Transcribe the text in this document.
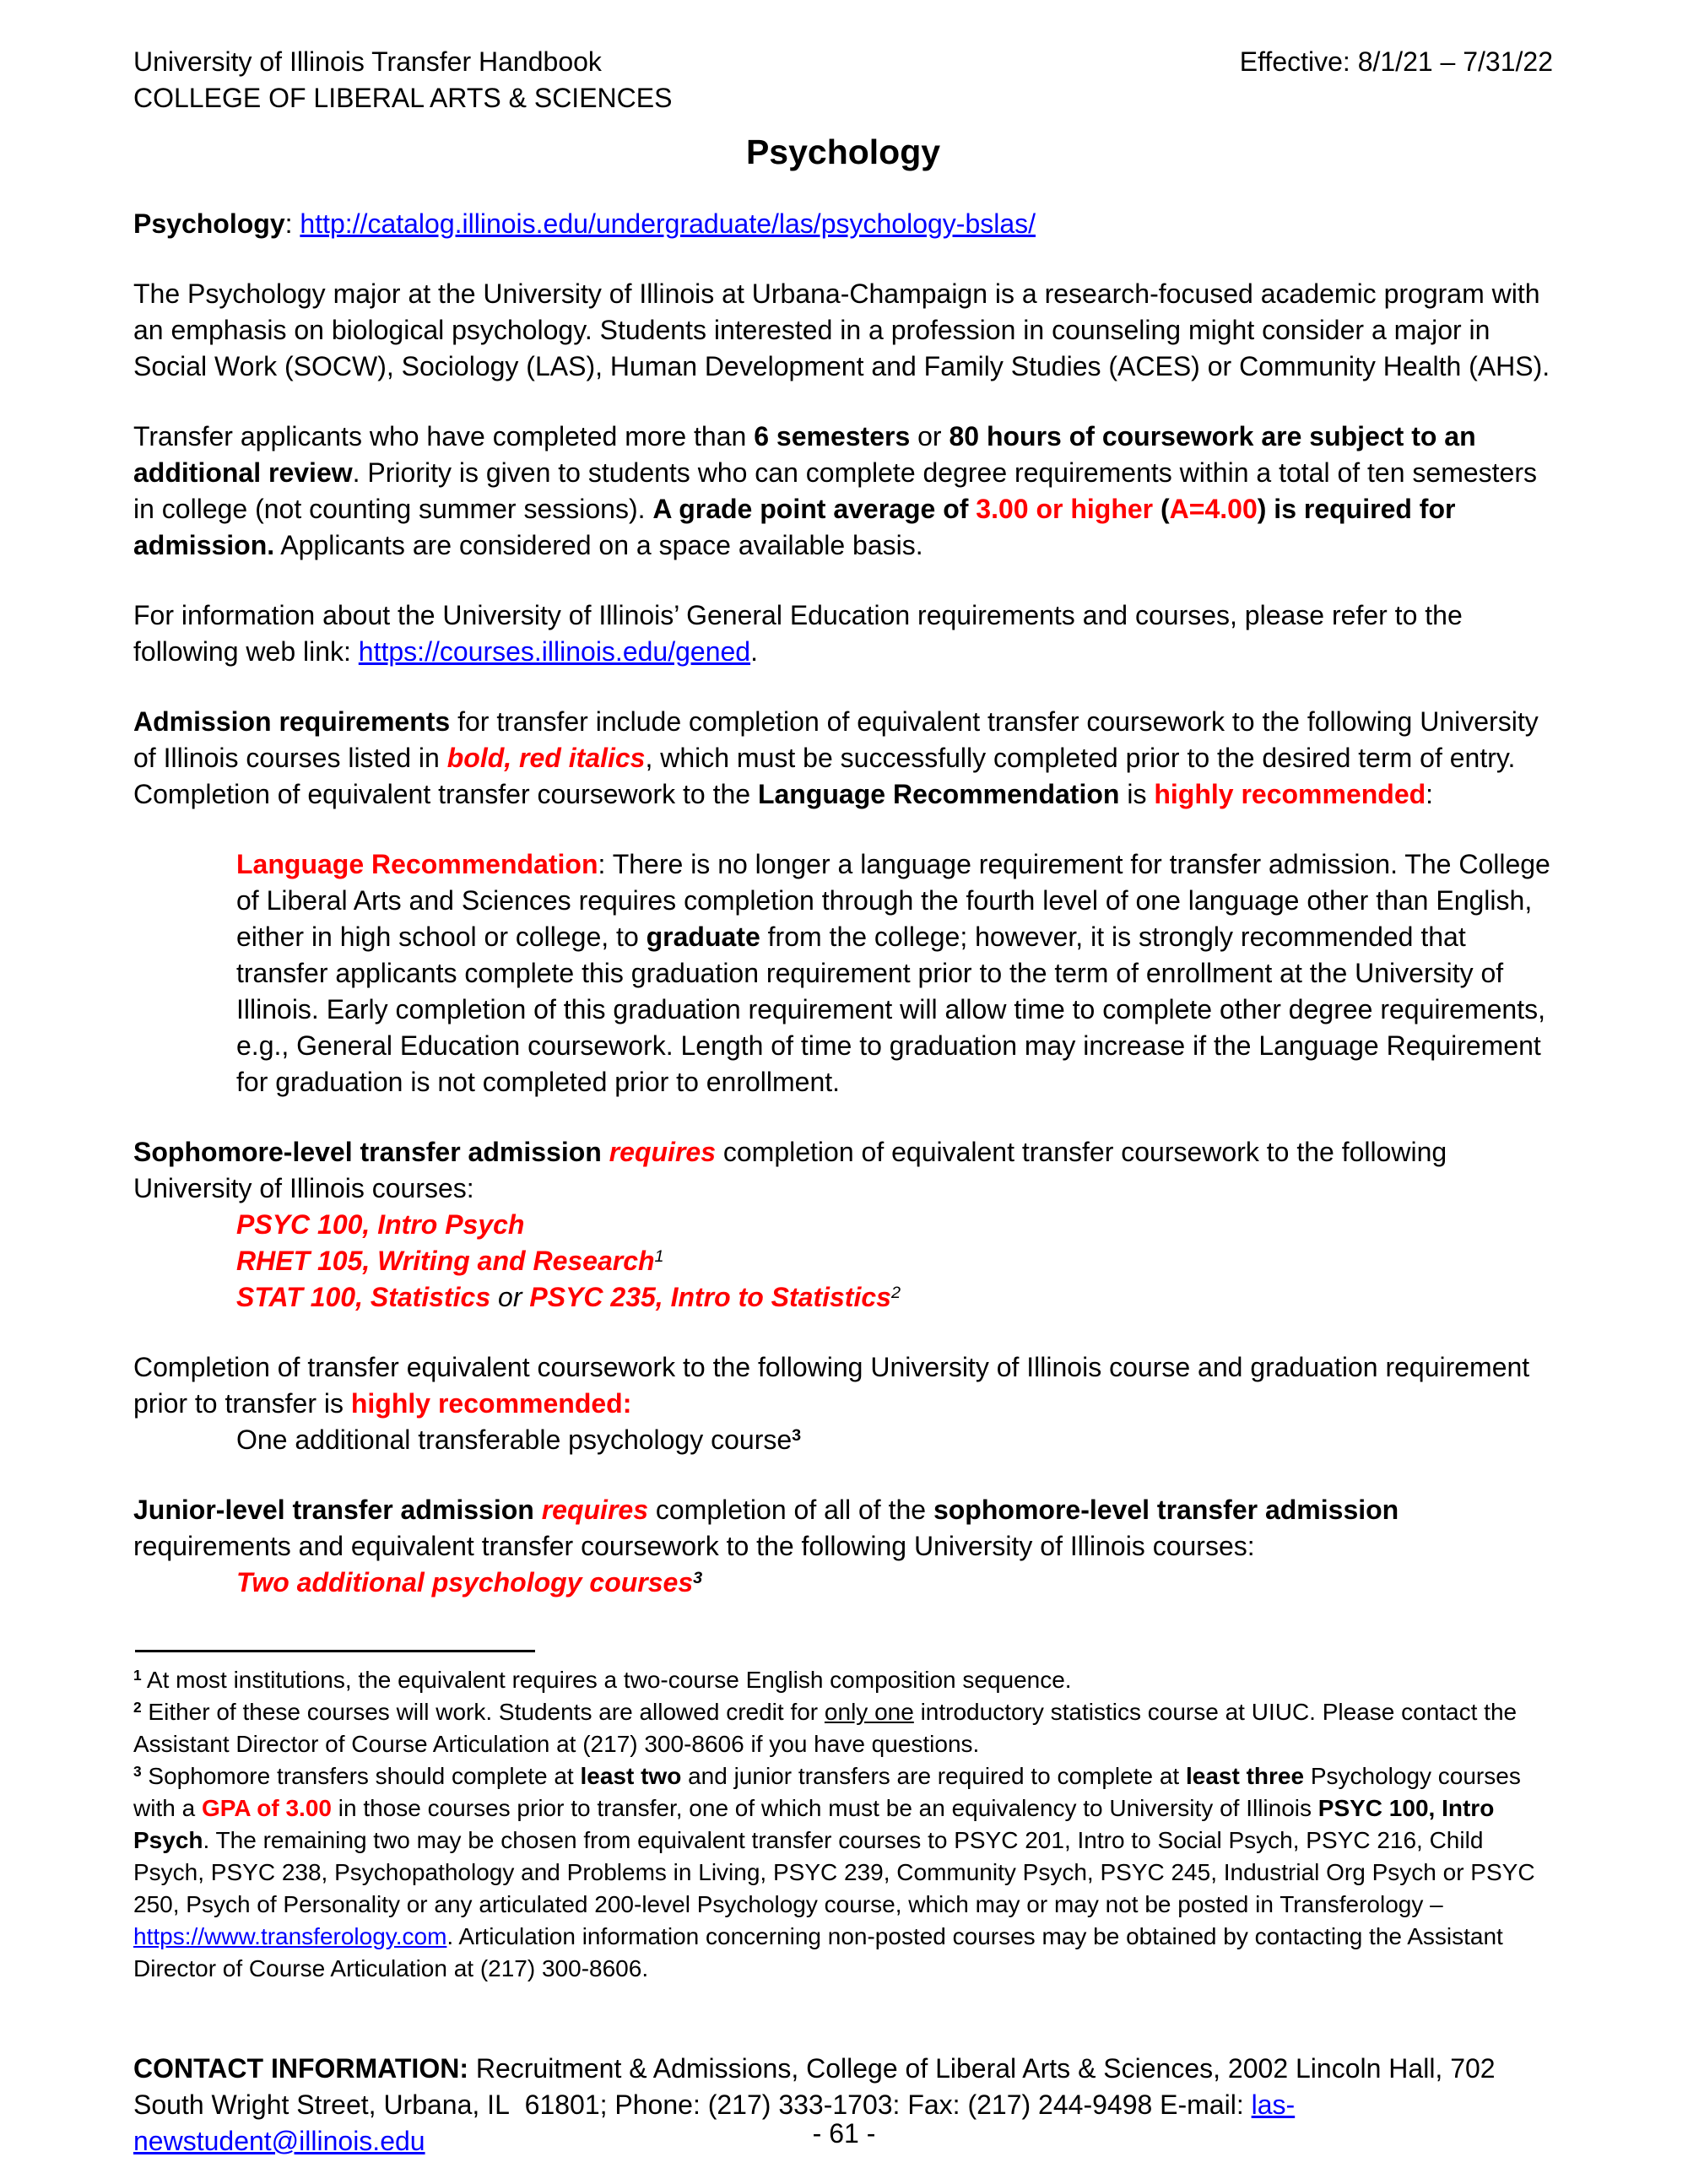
University of Illinois Transfer Handbook
COLLEGE OF LIBERAL ARTS & SCIENCES
Effective: 8/1/21 – 7/31/22
Psychology

Psychology: http://catalog.illinois.edu/undergraduate/las/psychology-bslas/

The Psychology major at the University of Illinois at Urbana-Champaign is a research-focused academic program with an emphasis on biological psychology. Students interested in a profession in counseling might consider a major in Social Work (SOCW), Sociology (LAS), Human Development and Family Studies (ACES) or Community Health (AHS).

Transfer applicants who have completed more than 6 semesters or 80 hours of coursework are subject to an additional review. Priority is given to students who can complete degree requirements within a total of ten semesters in college (not counting summer sessions). A grade point average of 3.00 or higher (A=4.00) is required for admission. Applicants are considered on a space available basis.

For information about the University of Illinois’ General Education requirements and courses, please refer to the following web link: https://courses.illinois.edu/gened.

Admission requirements for transfer include completion of equivalent transfer coursework to the following University of Illinois courses listed in bold, red italics, which must be successfully completed prior to the desired term of entry. Completion of equivalent transfer coursework to the Language Recommendation is highly recommended:

Language Recommendation: There is no longer a language requirement for transfer admission. The College of Liberal Arts and Sciences requires completion through the fourth level of one language other than English, either in high school or college, to graduate from the college; however, it is strongly recommended that transfer applicants complete this graduation requirement prior to the term of enrollment at the University of Illinois. Early completion of this graduation requirement will allow time to complete other degree requirements, e.g., General Education coursework. Length of time to graduation may increase if the Language Requirement for graduation is not completed prior to enrollment.

Sophomore-level transfer admission requires completion of equivalent transfer coursework to the following University of Illinois courses:

PSYC 100, Intro Psych
RHET 105, Writing and Research$^1$
STAT 100, Statistics or PSYC 235, Intro to Statistics$^2$

Completion of transfer equivalent coursework to the following University of Illinois course and graduation requirement prior to transfer is highly recommended:

One additional transferable psychology course$^3$

Junior-level transfer admission requires completion of all of the sophomore-level transfer admission requirements and equivalent transfer coursework to the following University of Illinois courses:

Two additional psychology courses$^3$

$^1$ At most institutions, the equivalent requires a two-course English composition sequence.

$^2$ Either of these courses will work. Students are allowed credit for only one introductory statistics course at UIUC. Please contact the Assistant Director of Course Articulation at (217) 300-8606 if you have questions.

$^3$ Sophomore transfers should complete at least two and junior transfers are required to complete at least three Psychology courses with a GPA of 3.00 in those courses prior to transfer, one of which must be an equivalency to University of Illinois PSYC 100, Intro Psych. The remaining two may be chosen from equivalent transfer courses to PSYC 201, Intro to Social Psych, PSYC 216, Child Psych, PSYC 238, Psychopathology and Problems in Living, PSYC 239, Community Psych, PSYC 245, Industrial Org Psych or PSYC 250, Psych of Personality or any articulated 200-level Psychology course, which may or may not be posted in Transferology – https://www.transferology.com. Articulation information concerning non-posted courses may be obtained by contacting the Assistant Director of Course Articulation at (217) 300-8606.

CONTACT INFORMATION: Recruitment & Admissions, College of Liberal Arts & Sciences, 2002 Lincoln Hall, 702 South Wright Street, Urbana, IL  61801; Phone: (217) 333-1703: Fax: (217) 244-9498 E-mail: las-newstudent@illinois.edu	- 61 -
